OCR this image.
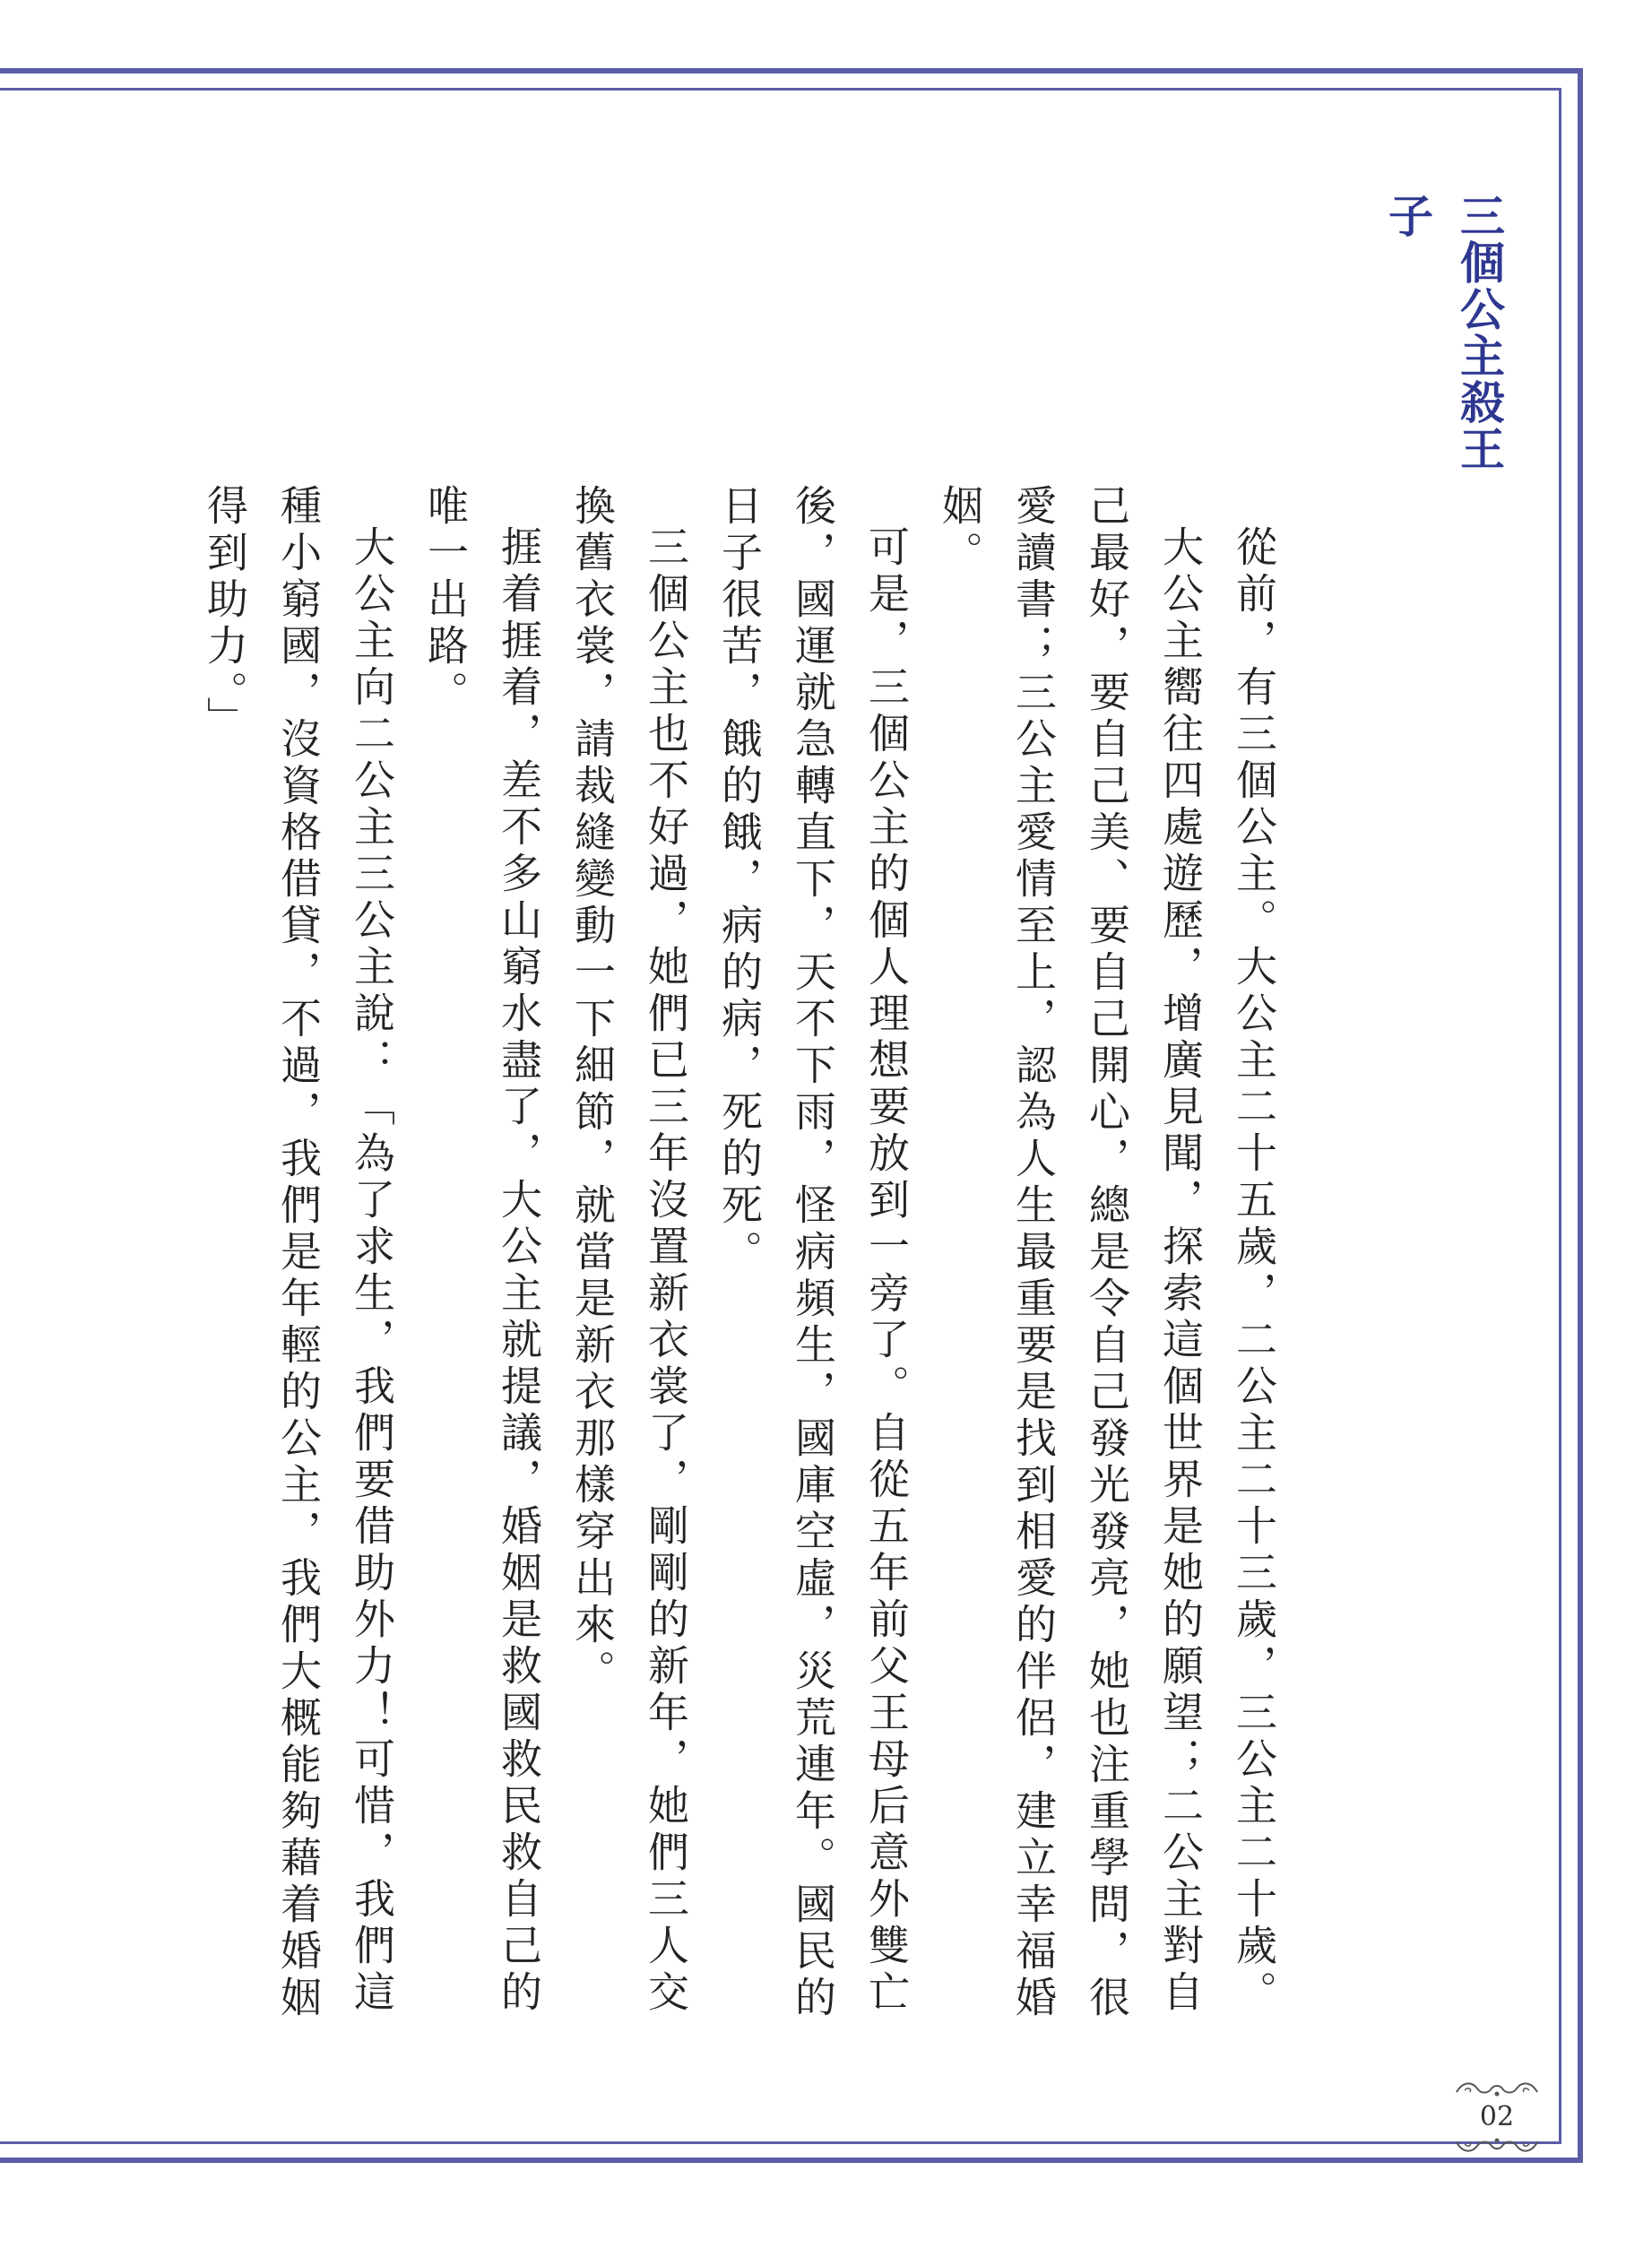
三個公主殺王子

從前，有三個公主。大公主二十五歲，二公主二十三歲，三公主二十歲。

大公主嚮往四處遊歷，增廣見聞，探索這個世界是她的願望；二公主對自己最好，要自己美、要自己開心，總是令自己發光發亮，她也注重學問，很愛讀書；三公主愛情至上，認為人生最重要是找到相愛的伴侶，建立幸福婚姻。

可是，三個公主的個人理想要放到一旁了。自從五年前父王母后意外雙亡後，國運就急轉直下，天不下雨，怪病頻生，國庫空虛，災荒連年。國民的日子很苦，餓的餓，病的病，死的死。

三個公主也不好過，她們已三年沒置新衣裳了，剛剛的新年，她們三人交換舊衣裳，請裁縫變動一下細節，就當是新衣那樣穿出來。

捱着捱着，差不多山窮水盡了，大公主就提議，婚姻是救國救民救自己的唯一出路。

大公主向二公主三公主說：「為了求生，我們要借助外力！可惜，我們這種小窮國，沒資格借貸，不過，我們是年輕的公主，我們大概能夠藉着婚姻得到助力。」

02
